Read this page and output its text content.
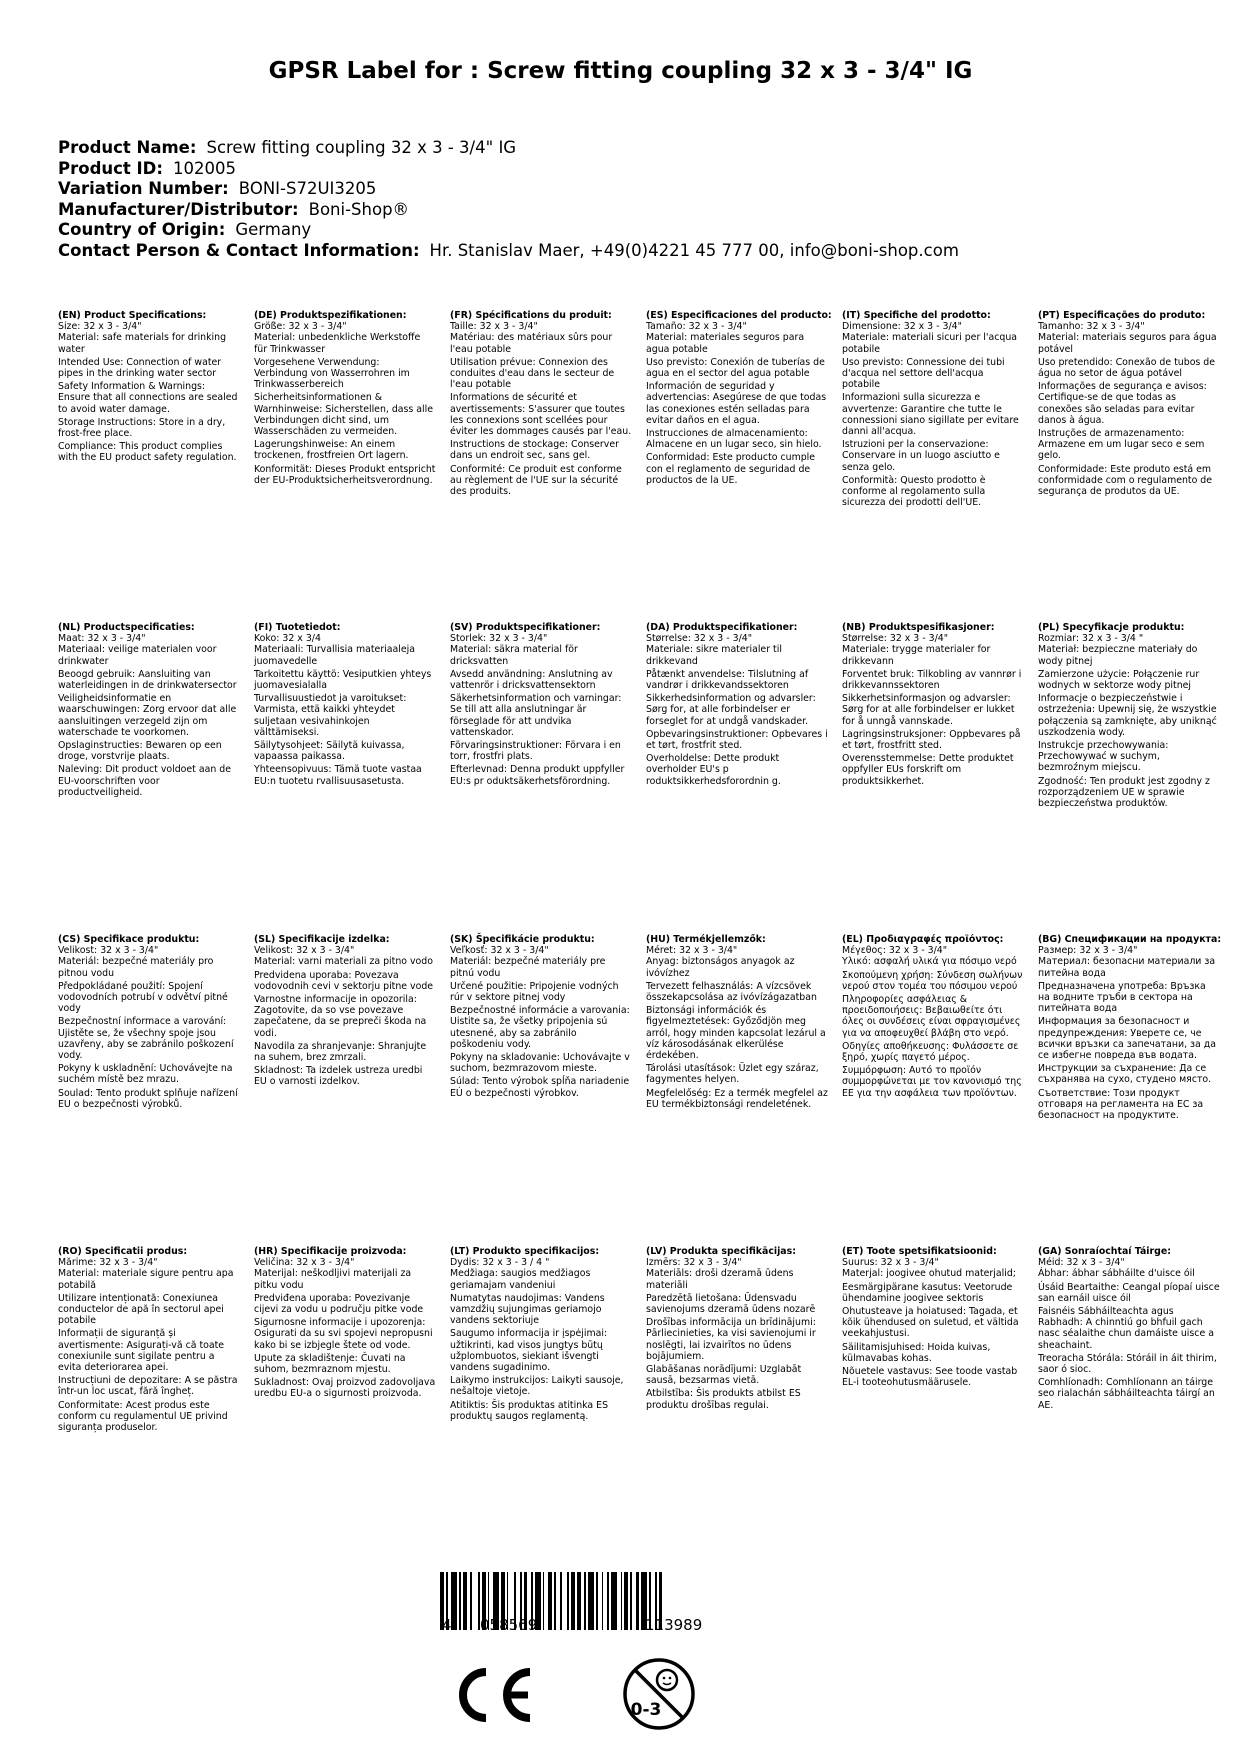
GPSR Label for : Screw fitting coupling 32 x 3 - 3/4" IG
Product Name: Screw fitting coupling 32 x 3 - 3/4" IG
Product ID: 102005
Variation Number: BONI-S72UI3205
Manufacturer/Distributor: Boni-Shop®
Country of Origin: Germany
Contact Person & Contact Information: Hr. Stanislav Maer, +49(0)4221 45 777 00, info@boni-shop.com
(EN) Product Specifications:
Size: 32 x 3 - 3/4"

Material: safe materials for drinking water

Intended Use: Connection of water pipes in the drinking water sector

Safety Information & Warnings: Ensure that all connections are sealed to avoid water damage.

Storage Instructions: Store in a dry, frost-free place.

Compliance: This product complies with the EU product safety regulation.

(DE) Produktspezifikationen:
Größe: 32 x 3 - 3/4"

Material: unbedenkliche Werkstoffe für Trinkwasser

Vorgesehene Verwendung: Verbindung von Wasserrohren im Trinkwasserbereich

Sicherheitsinformationen & Warnhinweise: Sicherstellen, dass alle Verbindungen dicht sind, um Wasserschäden zu vermeiden.

Lagerungshinweise: An einem trockenen, frostfreien Ort lagern.

Konformität: Dieses Produkt entspricht der EU-Produktsicherheitsverordnung.

(FR) Spécifications du produit:
Taille: 32 x 3 - 3/4"

Matériau: des matériaux sûrs pour l'eau potable

Utilisation prévue: Connexion des conduites d'eau dans le secteur de l'eau potable

Informations de sécurité et avertissements: S'assurer que toutes les connexions sont scellées pour éviter les dommages causés par l'eau.

Instructions de stockage: Conserver dans un endroit sec, sans gel.

Conformité: Ce produit est conforme au règlement de l'UE sur la sécurité des produits.

(ES) Especificaciones del producto:
Tamaño: 32 x 3 - 3/4"

Material: materiales seguros para agua potable

Uso previsto: Conexión de tuberías de agua en el sector del agua potable

Información de seguridad y advertencias: Asegúrese de que todas las conexiones estén selladas para evitar daños en el agua.

Instrucciones de almacenamiento: Almacene en un lugar seco, sin hielo.

Conformidad: Este producto cumple con el reglamento de seguridad de productos de la UE.

(IT) Specifiche del prodotto:
Dimensione: 32 x 3 - 3/4"

Materiale: materiali sicuri per l'acqua potabile

Uso previsto: Connessione dei tubi d'acqua nel settore dell'acqua potabile

Informazioni sulla sicurezza e avvertenze: Garantire che tutte le connessioni siano sigillate per evitare danni all'acqua.

Istruzioni per la conservazione: Conservare in un luogo asciutto e senza gelo.

Conformità: Questo prodotto è conforme al regolamento sulla sicurezza dei prodotti dell'UE.

(PT) Especificações do produto:
Tamanho: 32 x 3 - 3/4"

Material: materiais seguros para água potável

Uso pretendido: Conexão de tubos de água no setor de água potável

Informações de segurança e avisos: Certifique-se de que todas as conexões são seladas para evitar danos à água.

Instruções de armazenamento: Armazene em um lugar seco e sem gelo.

Conformidade: Este produto está em conformidade com o regulamento de segurança de produtos da UE.

(NL) Productspecificaties:
Maat: 32 x 3 - 3/4"

Materiaal: veilige materialen voor drinkwater

Beoogd gebruik: Aansluiting van waterleidingen in de drinkwatersector

Veiligheidsinformatie en waarschuwingen: Zorg ervoor dat alle aansluitingen verzegeld zijn om waterschade te voorkomen.

Opslaginstructies: Bewaren op een droge, vorstvrije plaats.

Naleving: Dit product voldoet aan de EU-voorschriften voor productveiligheid.

(FI) Tuotetiedot:
Koko: 32 x 3/4

Materiaali: Turvallisia materiaaleja juomavedelle

Tarkoitettu käyttö: Vesiputkien yhteys juomavesialalla

Turvallisuustiedot ja varoitukset: Varmista, että kaikki yhteydet suljetaan vesivahinkojen välttämiseksi.

Säilytysohjeet: Säilytä kuivassa, vapaassa paikassa.

Yhteensopivuus: Tämä tuote vastaa EU:n tuotetu rvallisuusasetusta.

(SV) Produktspecifikationer:
Storlek: 32 x 3 - 3/4"

Material: säkra material för dricksvatten

Avsedd användning: Anslutning av vattenrör i dricksvattensektorn

Säkerhetsinformation och varningar: Se till att alla anslutningar är förseglade för att undvika vattenskador.

Förvaringsinstruktioner: Förvara i en torr, frostfri plats.

Efterlevnad: Denna produkt uppfyller EU:s pr oduktsäkerhetsförordning.

(DA) Produktspecifikationer:
Størrelse: 32 x 3 - 3/4"

Materiale: sikre materialer til drikkevand

Påtænkt anvendelse: Tilslutning af vandrør i drikkevandssektoren

Sikkerhedsinformation og advarsler: Sørg for, at alle forbindelser er forseglet for at undgå vandskader.

Opbevaringsinstruktioner: Opbevares i et tørt, frostfrit sted.

Overholdelse: Dette produkt overholder EU's p roduktsikkerhedsforordnin g.

(NB) Produktspesifikasjoner:
Størrelse: 32 x 3 - 3/4"

Materiale: trygge materialer for drikkevann

Forventet bruk: Tilkobling av vannrør i drikkevannssektoren

Sikkerhetsinformasjon og advarsler: Sørg for at alle forbindelser er lukket for å unngå vannskade.

Lagringsinstruksjoner: Oppbevares på et tørt, frostfritt sted.

Overensstemmelse: Dette produktet oppfyller EUs forskrift om produktsikkerhet.

(PL) Specyfikacje produktu:
Rozmiar: 32 x 3 - 3/4 "

Materiał: bezpieczne materiały do wody pitnej

Zamierzone użycie: Połączenie rur wodnych w sektorze wody pitnej

Informacje o bezpieczeństwie i ostrzeżenia: Upewnij się, że wszystkie połączenia są zamknięte, aby uniknąć uszkodzenia wody.

Instrukcje przechowywania: Przechowywać w suchym, bezmroźnym miejscu.

Zgodność: Ten produkt jest zgodny z rozporządzeniem UE w sprawie bezpieczeństwa produktów.

(CS) Specifikace produktu:
Velikost: 32 x 3 - 3/4"

Materiál: bezpečné materiály pro pitnou vodu

Předpokládané použití: Spojení vodovodních potrubí v odvětví pitné vody

Bezpečnostní informace a varování: Ujistěte se, že všechny spoje jsou uzavřeny, aby se zabránilo poškození vody.

Pokyny k uskladnění: Uchovávejte na suchém místě bez mrazu.

Soulad: Tento produkt splňuje nařízení EU o bezpečnosti výrobků.

(SL) Specifikacije izdelka:
Velikost: 32 x 3 - 3/4"

Material: varni materiali za pitno vodo

Predvidena uporaba: Povezava vodovodnih cevi v sektorju pitne vode

Varnostne informacije in opozorila: Zagotovite, da so vse povezave zapečatene, da se prepreči škoda na vodi.

Navodila za shranjevanje: Shranjujte na suhem, brez zmrzali.

Skladnost: Ta izdelek ustreza uredbi EU o varnosti izdelkov.

(SK) Špecifikácie produktu:
Veľkosť: 32 x 3 - 3/4"

Materiál: bezpečné materiály pre pitnú vodu

Určené použitie: Pripojenie vodných rúr v sektore pitnej vody

Bezpečnostné informácie a varovania: Uistite sa, že všetky pripojenia sú utesnené, aby sa zabránilo poškodeniu vody.

Pokyny na skladovanie: Uchovávajte v suchom, bezmrazovom mieste.

Súlad: Tento výrobok spĺňa nariadenie EÚ o bezpečnosti výrobkov.

(HU) Termékjellemzők:
Méret: 32 x 3 - 3/4"

Anyag: biztonságos anyagok az ivóvízhez

Tervezett felhasználás: A vízcsövek összekapcsolása az ivóvízágazatban

Biztonsági információk és figyelmeztetések: Győződjön meg arról, hogy minden kapcsolat lezárul a víz károsodásának elkerülése érdekében.

Tárolási utasítások: Üzlet egy száraz, fagymentes helyen.

Megfelelőség: Ez a termék megfelel az EU termékbiztonsági rendeletének.

(EL) Προδιαγραφές προϊόντος:
Μέγεθος: 32 x 3 - 3/4"

Υλικό: ασφαλή υλικά για πόσιμο νερό

Σκοπούμενη χρήση: Σύνδεση σωλήνων νερού στον τομέα του πόσιμου νερού

Πληροφορίες ασφάλειας & προειδοποιήσεις: Βεβαιωθείτε ότι όλες οι συνδέσεις είναι σφραγισμένες για να αποφευχθεί βλάβη στο νερό.

Οδηγίες αποθήκευσης: Φυλάσσετε σε ξηρό, χωρίς παγετό μέρος.

Συμμόρφωση: Αυτό το προϊόν συμμορφώνεται με τον κανονισμό της ΕΕ για την ασφάλεια των προϊόντων.

(BG) Спецификации на продукта:
Размер: 32 x 3 - 3/4"

Материал: безопасни материали за питейна вода

Предназначена употреба: Връзка на водните тръби в сектора на питейната вода

Информация за безопасност и предупреждения: Уверете се, че всички връзки са запечатани, за да се избегне повреда във водата.

Инструкции за съхранение: Да се съхранява на сухо, студено място.

Съответствие: Този продукт отговаря на регламента на ЕС за безопасност на продуктите.

(RO) Specificatii produs:
Mărime: 32 x 3 - 3/4"

Material: materiale sigure pentru apa potabilă

Utilizare intenționată: Conexiunea conductelor de apă în sectorul apei potabile

Informații de siguranță și avertismente: Asigurați-vă că toate conexiunile sunt sigilate pentru a evita deteriorarea apei.

Instrucțiuni de depozitare: A se păstra într-un loc uscat, fără îngheț.

Conformitate: Acest produs este conform cu regulamentul UE privind siguranța produselor.

(HR) Specifikacije proizvoda:
Veličina: 32 x 3 - 3/4"

Materijal: neškodljivi materijali za pitku vodu

Predviđena uporaba: Povezivanje cijevi za vodu u području pitke vode

Sigurnosne informacije i upozorenja: Osigurati da su svi spojevi nepropusni kako bi se izbjegle štete od vode.

Upute za skladištenje: Čuvati na suhom, bezmraznom mjestu.

Sukladnost: Ovaj proizvod zadovoljava uredbu EU-a o sigurnosti proizvoda.

(LT) Produkto specifikacijos:
Dydis: 32 x 3 - 3 / 4 "

Medžiaga: saugios medžiagos geriamajam vandeniui

Numatytas naudojimas: Vandens vamzdžių sujungimas geriamojo vandens sektoriuje

Saugumo informacija ir įspėjimai: užtikrinti, kad visos jungtys būtų užplombuotos, siekiant išvengti vandens sugadinimo.

Laikymo instrukcijos: Laikyti sausoje, nešaltoje vietoje.

Atitiktis: Šis produktas atitinka ES produktų saugos reglamentą.

(LV) Produkta specifikācijas:
Izmērs: 32 x 3 - 3/4"

Materiāls: droši dzeramā ūdens materiāli

Paredzētā lietošana: Ūdensvadu savienojums dzeramā ūdens nozarē

Drošības informācija un brīdinājumi: Pārliecinieties, ka visi savienojumi ir noslēgti, lai izvairītos no ūdens bojājumiem.

Glabāšanas norādījumi: Uzglabāt sausā, bezsarmas vietā.

Atbilstība: Šis produkts atbilst ES produktu drošības regulai.

(ET) Toote spetsifikatsioonid:
Suurus: 32 x 3 - 3/4"

Materjal: joogivee ohutud materjalid;

Eesmärgipärane kasutus: Veetorude ühendamine joogivee sektoris

Ohutusteave ja hoiatused: Tagada, et kõik ühendused on suletud, et vältida veekahjustusi.

Säilitamisjuhised: Hoida kuivas, külmavabas kohas.

Nõuetele vastavus: See toode vastab EL-i tooteohutusmäärusele.

(GA) Sonraíochtaí Táirge:
Méid: 32 x 3 - 3/4"

Ábhar: ábhar sábháilte d'uisce óil

Úsáid Beartaithe: Ceangal píopaí uisce san earnáil uisce óil

Faisnéis Sábháilteachta agus Rabhadh: A chinntiú go bhfuil gach nasc séalaithe chun damáiste uisce a sheachaint.

Treoracha Stórála: Stóráil in áit thirim, saor ó sioc.

Comhlíonadh: Comhlíonann an táirge seo rialachán sábháilteachta táirgí an AE.

4 058569	113989
0-3
